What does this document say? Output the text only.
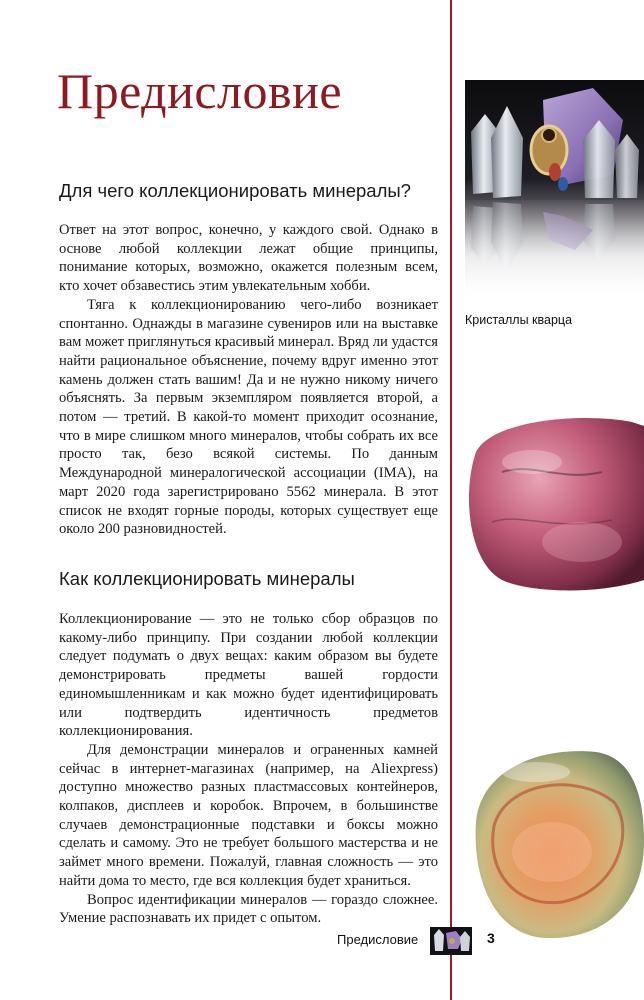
Предисловие
Для чего коллекционировать минералы?

Ответ на этот вопрос, конечно, у каждого свой. Однако в основе любой коллекции лежат общие принципы, понимание которых, возможно, окажется полезным всем, кто хочет обзавестись этим увлекательным хобби.

Тяга к коллекционированию чего-либо возникает спонтанно. Однажды в магазине сувениров или на выставке вам может приглянуться красивый минерал. Вряд ли удастся найти рациональное объяснение, почему вдруг именно этот камень должен стать вашим! Да и не нужно никому ничего объяснять. За первым экземпляром появляется второй, а потом — третий. В какой-то момент приходит осознание, что в мире слишком много минералов, чтобы собрать их все просто так, безо всякой системы. По данным Международной минералогической ассоциации (IMA), на март 2020 года зарегистрировано 5562 минерала. В этот список не входят горные породы, которых существует еще около 200 разновидностей.

Как коллекционировать минералы

Коллекционирование — это не только сбор образцов по какому-либо принципу. При создании любой коллекции следует подумать о двух вещах: каким образом вы будете демонстрировать предметы вашей гордости единомышленникам и как можно будет идентифицировать или подтвердить идентичность предметов коллекционирования.

Для демонстрации минералов и ограненных камней сейчас в интернет-магазинах (например, на Aliexpress) доступно множество разных пластмассовых контейнеров, колпаков, дисплеев и коробок. Впрочем, в большинстве случаев демонстрационные подставки и боксы можно сделать и самому. Это не требует большого мастерства и не займет много времени. Пожалуй, главная сложность — это найти дома то место, где вся коллекция будет храниться.

Вопрос идентификации минералов — гораздо сложнее. Умение распознавать их придет с опытом.

Кристаллы кварца
Предисловие	3
